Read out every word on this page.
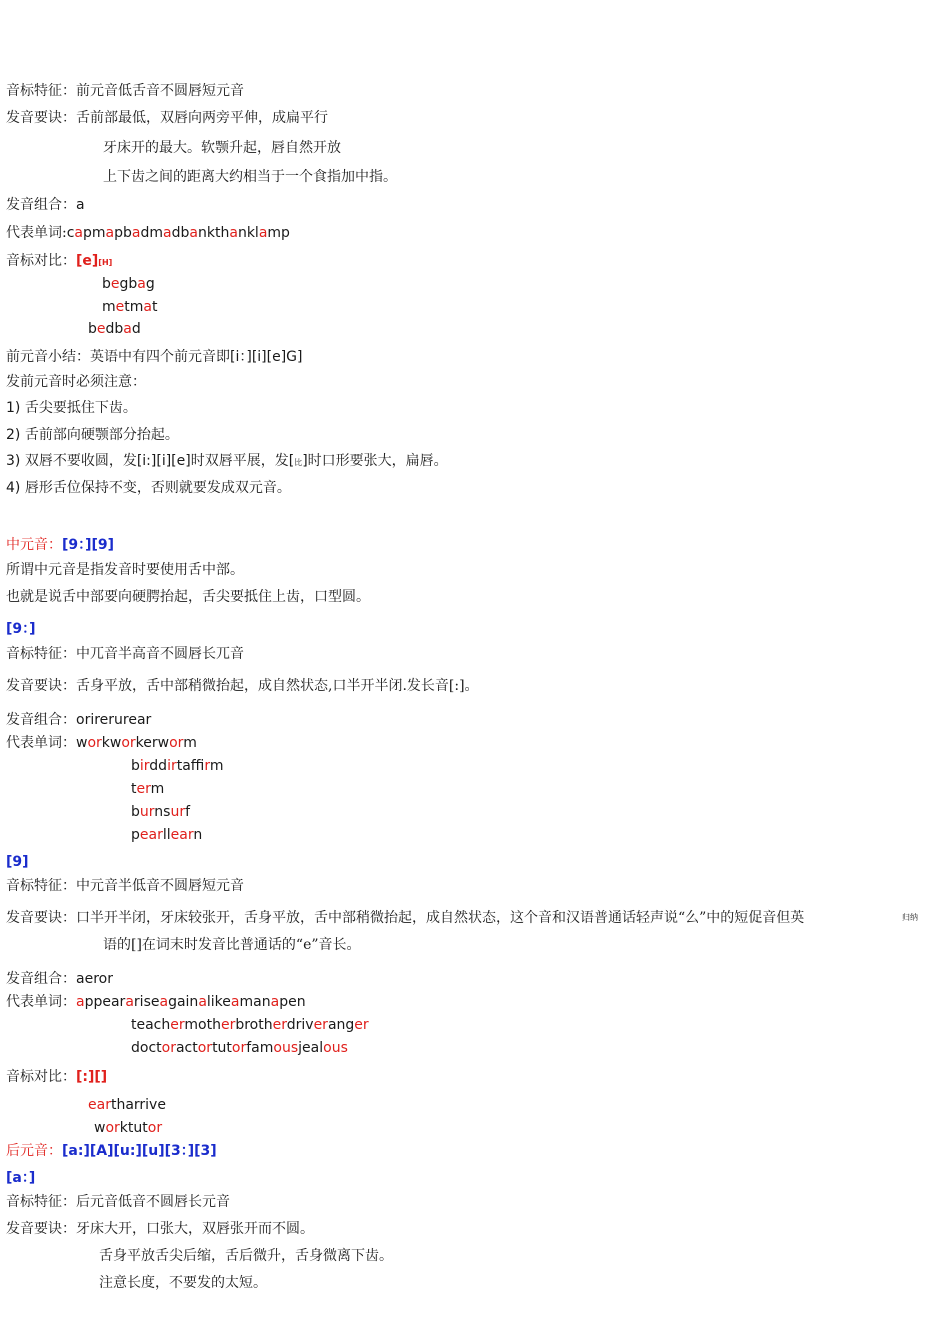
音标特征：前元音低舌音不圆唇短元音
发音要诀：舌前部最低，双唇向两旁平伸，成扁平行
牙床开的最大。软颚升起，唇自然开放
上下齿之间的距离大约相当于一个食指加中指。
发音组合：a
代表单词:capmapbadmadbankthanklamp
音标对比：[e][H]
begbag
metmat
bedbad
前元音小结：英语中有四个前元音即[i：][i][e]G]
发前元音时必须注意：
1) 舌尖要抵住下齿。
2) 舌前部向硬颚部分抬起。
3) 双唇不要收圆，发[i:][i][e]时双唇平展，发[比]时口形要张大，扁唇。
4) 唇形舌位保持不变，否则就要发成双元音。
中元音：[9：][9]
所谓中元音是指发音时要使用舌中部。
也就是说舌中部要向硬腭抬起，舌尖要抵住上齿，口型圆。
[9：]
音标特征：中兀音半高音不圆唇长兀音
发音要诀：舌身平放，舌中部稍微抬起，成自然状态,口半开半闭.发长音[:]。
发音组合：orirerurear
代表单词：workworkerworm
birddirtaffirm
term
burnsurf
pearllearn
[9]
音标特征：中元音半低音不圆唇短元音
发音要诀：口半开半闭，牙床较张开，舌身平放，舌中部稍微抬起，成自然状态，这个音和汉语普通话轻声说“么”中的短促音但英	归纳
语的[]在词末时发音比普通话的“e”音长。
发音组合：aeror
代表单词：appearariseagainalikeamanapen
teachermotherbrotherdriveranger
doctoractortutorfamousjealous
音标对比：[:][]
eartharrive
worktutor
后元音：[a:][A][u:][u][3：][3]
[a：]
音标特征：后元音低音不圆唇长元音
发音要诀：牙床大开，口张大，双唇张开而不圆。
舌身平放舌尖后缩，舌后微升，舌身微离下齿。
注意长度，不要发的太短。
